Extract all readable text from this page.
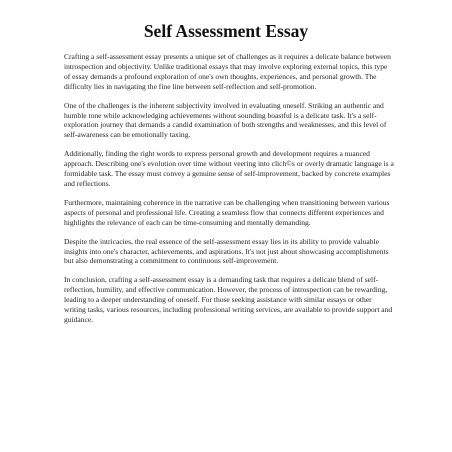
Self Assessment Essay

Crafting a self-assessment essay presents a unique set of challenges as it requires a delicate balance between introspection and objectivity. Unlike traditional essays that may involve exploring external topics, this type of essay demands a profound exploration of one's own thoughts, experiences, and personal growth. The difficulty lies in navigating the fine line between self-reflection and self-promotion.

One of the challenges is the inherent subjectivity involved in evaluating oneself. Striking an authentic and humble tone while acknowledging achievements without sounding boastful is a delicate task. It's a self-exploration journey that demands a candid examination of both strengths and weaknesses, and this level of self-awareness can be emotionally taxing.

Additionally, finding the right words to express personal growth and development requires a nuanced approach. Describing one's evolution over time without veering into clich©s or overly dramatic language is a formidable task. The essay must convey a genuine sense of self-improvement, backed by concrete examples and reflections.

Furthermore, maintaining coherence in the narrative can be challenging when transitioning between various aspects of personal and professional life. Creating a seamless flow that connects different experiences and highlights the relevance of each can be time-consuming and mentally demanding.

Despite the intricacies, the real essence of the self-assessment essay lies in its ability to provide valuable insights into one's character, achievements, and aspirations. It's not just about showcasing accomplishments but also demonstrating a commitment to continuous self-improvement.

In conclusion, crafting a self-assessment essay is a demanding task that requires a delicate blend of self-reflection, humility, and effective communication. However, the process of introspection can be rewarding, leading to a deeper understanding of oneself. For those seeking assistance with similar essays or other writing tasks, various resources, including professional writing services, are available to provide support and guidance.
